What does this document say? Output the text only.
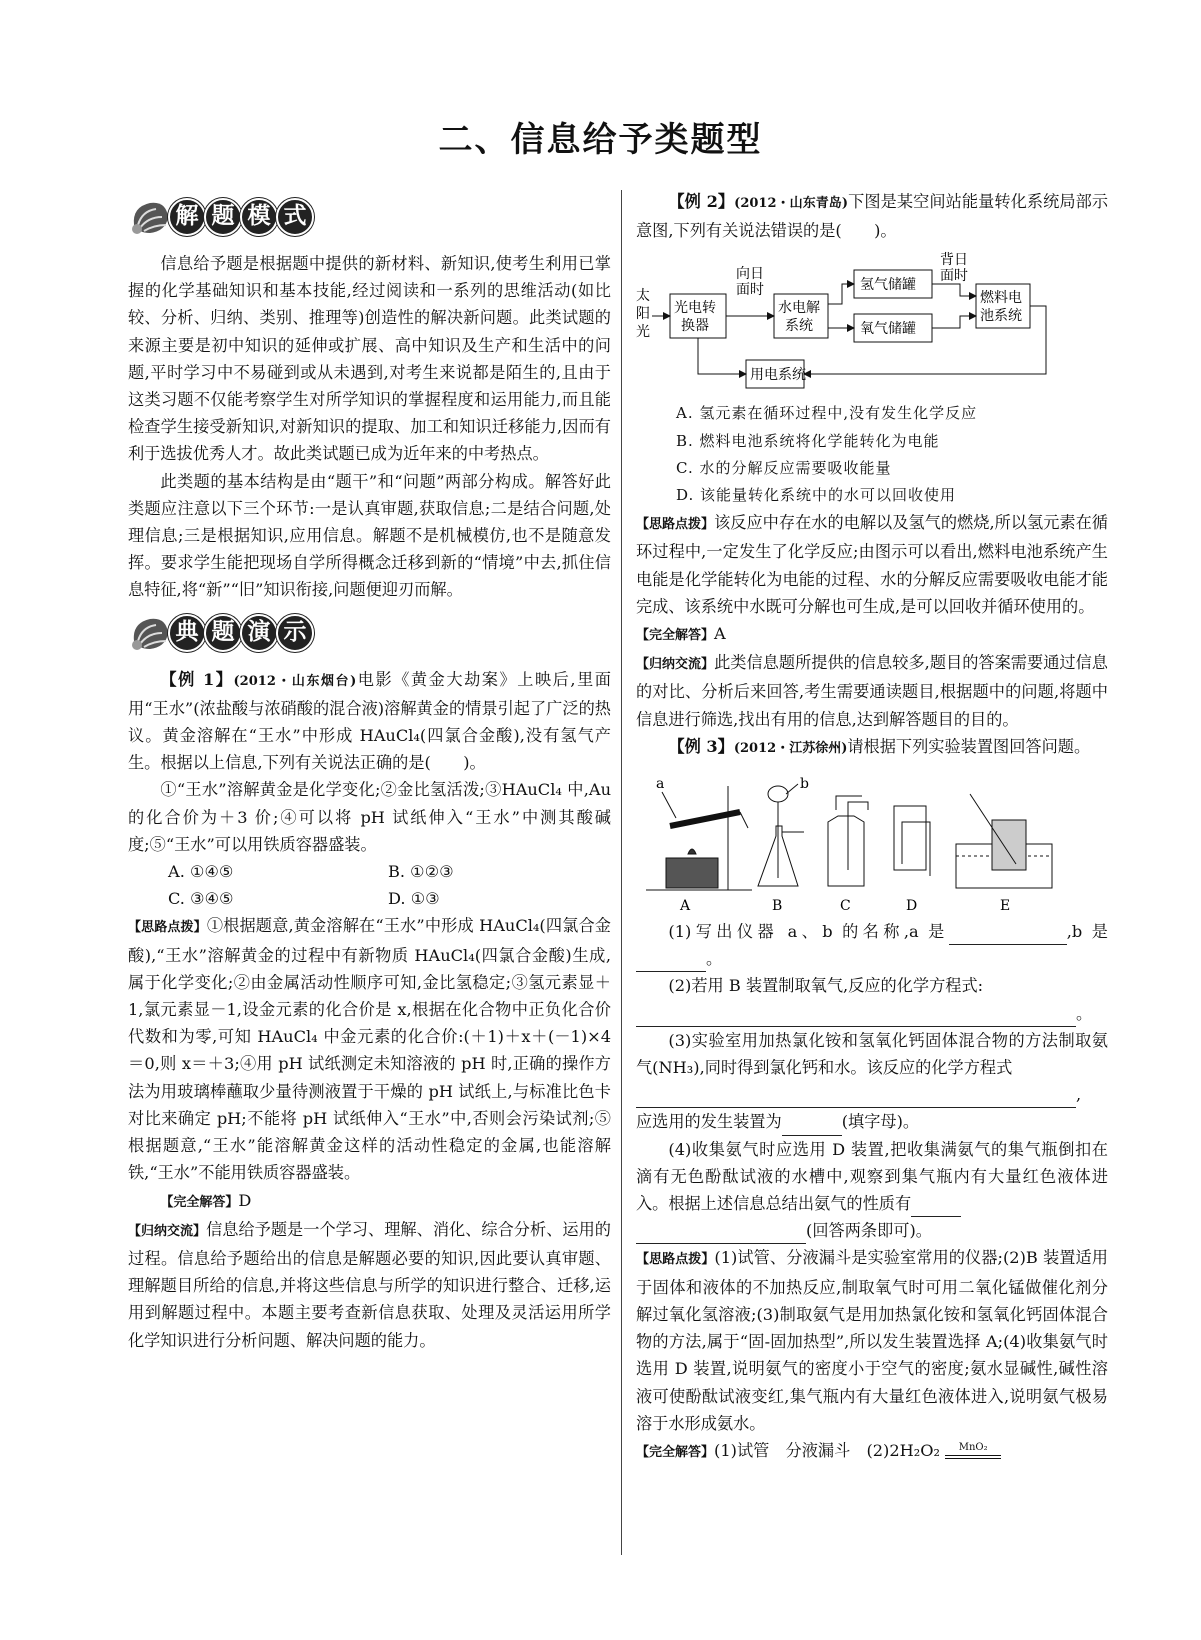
二、信息给予类题型
解 题 模 式

信息给予题是根据题中提供的新材料、新知识,使考生利用已掌握的化学基础知识和基本技能,经过阅读和一系列的思维活动(如比较、分析、归纳、类别、推理等)创造性的解决新问题。此类试题的来源主要是初中知识的延伸或扩展、高中知识及生产和生活中的问题,平时学习中不易碰到或从未遇到,对考生来说都是陌生的,且由于这类习题不仅能考察学生对所学知识的掌握程度和运用能力,而且能检查学生接受新知识,对新知识的提取、加工和知识迁移能力,因而有利于选拔优秀人才。故此类试题已成为近年来的中考热点。

此类题的基本结构是由“题干”和“问题”两部分构成。解答好此类题应注意以下三个环节:一是认真审题,获取信息;二是结合问题,处理信息;三是根据知识,应用信息。解题不是机械模仿,也不是随意发挥。要求学生能把现场自学所得概念迁移到新的“情境”中去,抓住信息特征,将“新”“旧”知识衔接,问题便迎刃而解。

典 题 演 示

【例 1】(2012・山东烟台)电影《黄金大劫案》上映后,里面用“王水”(浓盐酸与浓硝酸的混合液)溶解黄金的情景引起了广泛的热议。黄金溶解在“王水”中形成 HAuCl₄(四氯合金酸),没有氢气产生。根据以上信息,下列有关说法正确的是(　　)。

①“王水”溶解黄金是化学变化;②金比氢活泼;③HAuCl₄ 中,Au 的化合价为＋3 价;④可以将 pH 试纸伸入“王水”中测其酸碱度;⑤“王水”可以用铁质容器盛装。

A. ①④⑤	B. ①②③
C. ③④⑤	D. ①③

【思路点拨】①根据题意,黄金溶解在“王水”中形成 HAuCl₄(四氯合金酸),“王水”溶解黄金的过程中有新物质 HAuCl₄(四氯合金酸)生成,属于化学变化;②由金属活动性顺序可知,金比氢稳定;③氢元素显＋1,氯元素显－1,设金元素的化合价是 x,根据在化合物中正负化合价代数和为零,可知 HAuCl₄ 中金元素的化合价:(＋1)＋x＋(－1)×4＝0,则 x＝＋3;④用 pH 试纸测定未知溶液的 pH 时,正确的操作方法为用玻璃棒蘸取少量待测液置于干燥的 pH 试纸上,与标准比色卡对比来确定 pH;不能将 pH 试纸伸入“王水”中,否则会污染试剂;⑤根据题意,“王水”能溶解黄金这样的活动性稳定的金属,也能溶解铁,“王水”不能用铁质容器盛装。

【完全解答】D

【归纳交流】信息给予题是一个学习、理解、消化、综合分析、运用的过程。信息给予题给出的信息是解题必要的知识,因此要认真审题、理解题目所给的信息,并将这些信息与所学的知识进行整合、迁移,运用到解题过程中。本题主要考查新信息获取、处理及灵活运用所学化学知识进行分析问题、解决问题的能力。

【例 2】(2012・山东青岛)下图是某空间站能量转化系统局部示意图,下列有关说法错误的是(　　)。

太
阳
光
光电转
换器
向日
面时
水电解
系统
氢气储罐
氧气储罐
背日
面时
燃料电
池系统
用电系统

A. 氢元素在循环过程中,没有发生化学反应

B. 燃料电池系统将化学能转化为电能

C. 水的分解反应需要吸收能量

D. 该能量转化系统中的水可以回收使用

【思路点拨】该反应中存在水的电解以及氢气的燃烧,所以氢元素在循环过程中,一定发生了化学反应;由图示可以看出,燃料电池系统产生电能是化学能转化为电能的过程、水的分解反应需要吸收电能才能完成、该系统中水既可分解也可生成,是可以回收并循环使用的。

【完全解答】A

【归纳交流】此类信息题所提供的信息较多,题目的答案需要通过信息的对比、分析后来回答,考生需要通读题目,根据题中的问题,将题中信息进行筛选,找出有用的信息,达到解答题目的目的。

【例 3】(2012・江苏徐州)请根据下列实验装置图回答问题。

a	b
A	B	C	D	E

(1)写出仪器 a、b 的名称,a 是	,b 是。

(2)若用 B 装置制取氧气,反应的化学方程式:

。

(3)实验室用加热氯化铵和氢氧化钙固体混合物的方法制取氨气(NH₃),同时得到氯化钙和水。该反应的化学方程式

,

应选用的发生装置为	(填字母)。

(4)收集氨气时应选用 D 装置,把收集满氨气的集气瓶倒扣在滴有无色酚酞试液的水槽中,观察到集气瓶内有大量红色液体进入。根据上述信息总结出氨气的性质有

(回答两条即可)。

【思路点拨】(1)试管、分液漏斗是实验室常用的仪器;(2)B 装置适用于固体和液体的不加热反应,制取氧气时可用二氧化锰做催化剂分解过氧化氢溶液;(3)制取氨气是用加热氯化铵和氢氧化钙固体混合物的方法,属于“固-固加热型”,所以发生装置选择 A;(4)收集氨气时选用 D 装置,说明氨气的密度小于空气的密度;氨水显碱性,碱性溶液可使酚酞试液变红,集气瓶内有大量红色液体进入,说明氨气极易溶于水形成氨水。

【完全解答】(1)试管　分液漏斗　(2)2H₂O₂	MnO₂
